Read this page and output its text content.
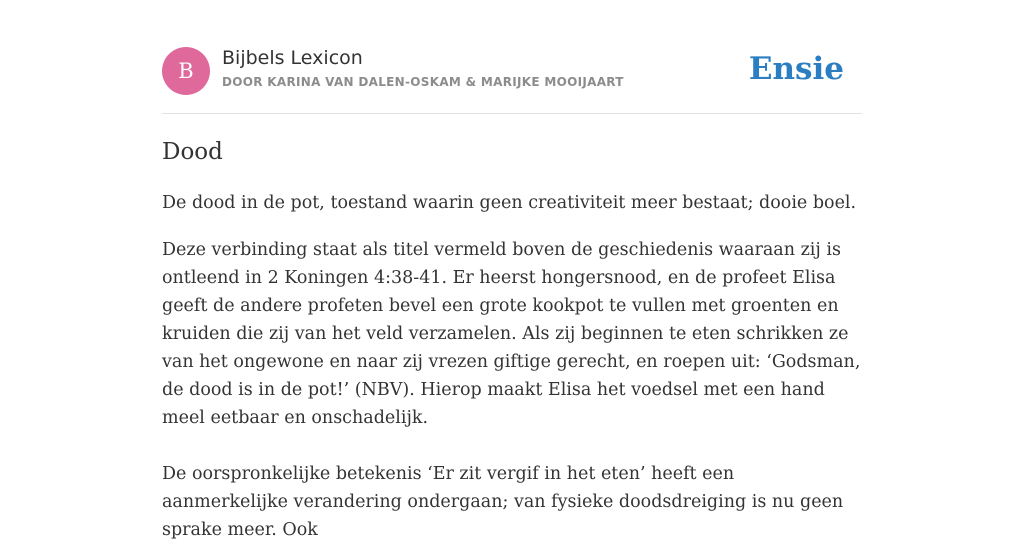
B
Bijbels Lexicon
DOOR KARINA VAN DALEN-OSKAM & MARIJKE MOOIJAART	Ensie
Dood

De dood in de pot, toestand waarin geen creativiteit meer bestaat; dooie boel.

Deze verbinding staat als titel vermeld boven de geschiedenis waaraan zij is ontleend in 2 Koningen 4:38-41. Er heerst hongersnood, en de profeet Elisa geeft de andere profeten bevel een grote kookpot te vullen met groenten en kruiden die zij van het veld verzamelen. Als zij beginnen te eten schrikken ze van het ongewone en naar zij vrezen giftige gerecht, en roepen uit: ‘Godsman, de dood is in de pot!’ (NBV). Hierop maakt Elisa het voedsel met een hand meel eetbaar en onschadelijk.

De oorspronkelijke betekenis ‘Er zit vergif in het eten’ heeft een aanmerkelijke verandering ondergaan; van fysieke doodsdreiging is nu geen sprake meer. Ook
